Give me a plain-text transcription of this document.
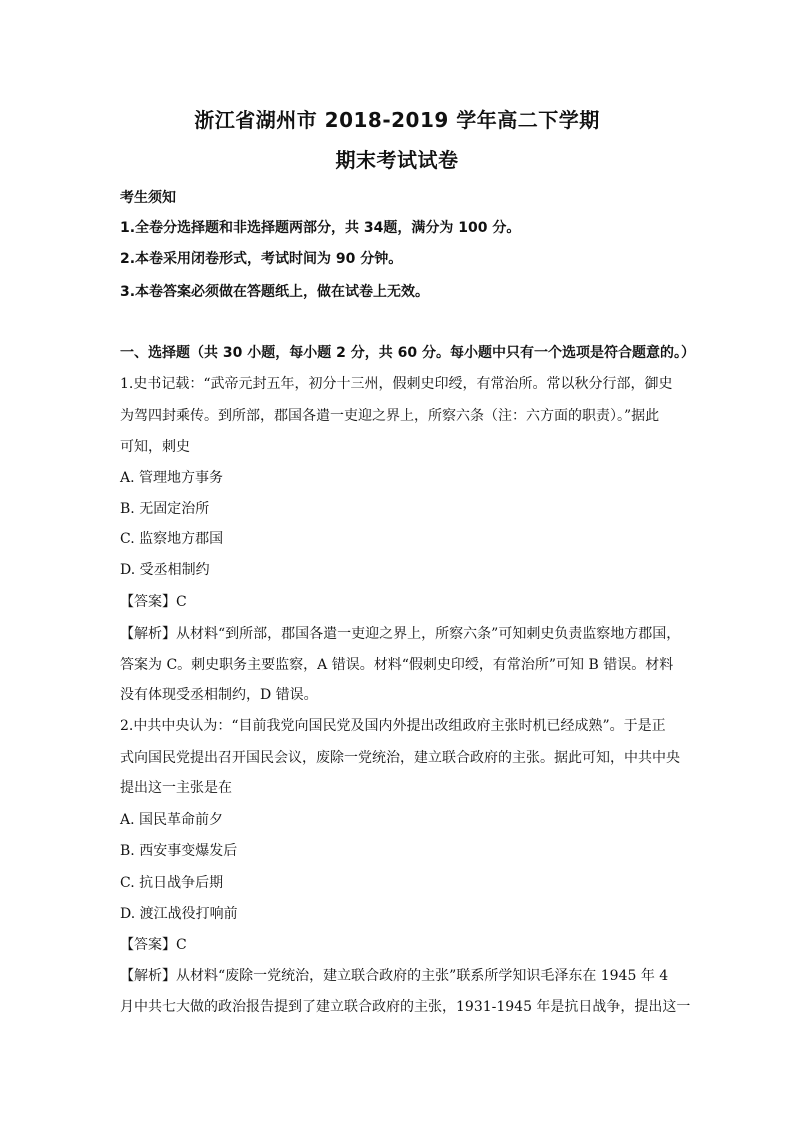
浙江省湖州市 2018-2019 学年高二下学期
期末考试试卷
考生须知
1.全卷分选择题和非选择题两部分，共 34题，满分为 100 分。
2.本卷采用闭卷形式，考试时间为 90 分钟。
3.本卷答案必须做在答题纸上，做在试卷上无效。
一、选择题（共 30 小题，每小题 2 分，共 60 分。每小题中只有一个选项是符合题意的。）
1.史书记载：“武帝元封五年，初分十三州，假刺史印绶，有常治所。常以秋分行部，御史
为驾四封乘传。到所部，郡国各遣一吏迎之界上，所察六条（注：六方面的职责）。”据此
可知，刺史
A. 管理地方事务
B. 无固定治所
C. 监察地方郡国
D. 受丞相制约
【答案】C
【解析】从材料“到所部，郡国各遣一吏迎之界上，所察六条”可知刺史负责监察地方郡国，
答案为 C。刺史职务主要监察，A 错误。材料“假刺史印绶，有常治所”可知 B 错误。材料
没有体现受丞相制约，D 错误。
2.中共中央认为：“目前我党向国民党及国内外提出改组政府主张时机已经成熟”。于是正
式向国民党提出召开国民会议，废除一党统治，建立联合政府的主张。据此可知，中共中央
提出这一主张是在
A. 国民革命前夕
B. 西安事变爆发后
C. 抗日战争后期
D. 渡江战役打响前
【答案】C
【解析】从材料“废除一党统治，建立联合政府的主张”联系所学知识毛泽东在 1945 年 4
月中共七大做的政治报告提到了建立联合政府的主张，1931-1945 年是抗日战争，提出这一
